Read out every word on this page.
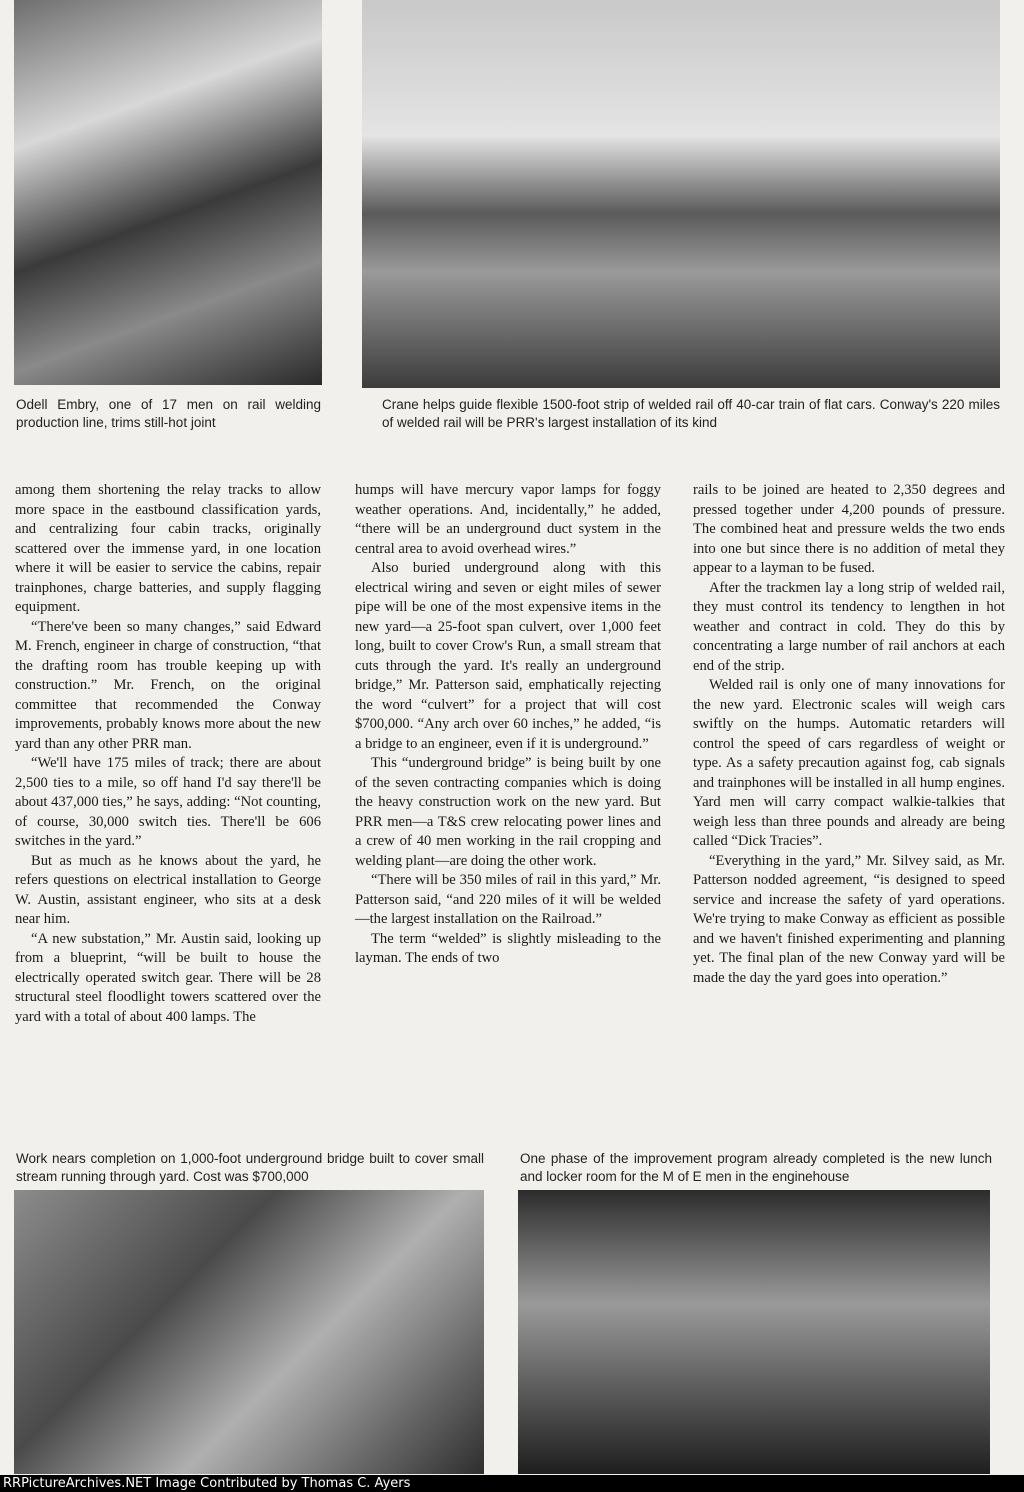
Odell Embry, one of 17 men on rail welding production line, trims still-hot joint
Crane helps guide flexible 1500-foot strip of welded rail off 40-car train of flat cars. Conway's 220 miles of welded rail will be PRR's largest installation of its kind

among them shortening the relay tracks to allow more space in the eastbound classification yards, and centralizing four cabin tracks, originally scattered over the immense yard, in one location where it will be easier to service the cabins, repair trainphones, charge batteries, and supply flagging equipment.

“There've been so many changes,” said Edward M. French, engineer in charge of construction, “that the drafting room has trouble keeping up with construction.” Mr. French, on the original committee that recommended the Conway improvements, probably knows more about the new yard than any other PRR man.

“We'll have 175 miles of track; there are about 2,500 ties to a mile, so off hand I'd say there'll be about 437,000 ties,” he says, adding: “Not counting, of course, 30,000 switch ties. There'll be 606 switches in the yard.”

But as much as he knows about the yard, he refers questions on electrical installation to George W. Austin, assistant engineer, who sits at a desk near him.

“A new substation,” Mr. Austin said, looking up from a blueprint, “will be built to house the electrically operated switch gear. There will be 28 structural steel floodlight towers scattered over the yard with a total of about 400 lamps. The

humps will have mercury vapor lamps for foggy weather operations. And, incidentally,” he added, “there will be an underground duct system in the central area to avoid overhead wires.”

Also buried underground along with this electrical wiring and seven or eight miles of sewer pipe will be one of the most expensive items in the new yard—a 25-foot span culvert, over 1,000 feet long, built to cover Crow's Run, a small stream that cuts through the yard. It's really an underground bridge,” Mr. Patterson said, emphatically rejecting the word “culvert” for a project that will cost $700,000. “Any arch over 60 inches,” he added, “is a bridge to an engineer, even if it is underground.”

This “underground bridge” is being built by one of the seven contracting companies which is doing the heavy construction work on the new yard. But PRR men—a T&S crew relocating power lines and a crew of 40 men working in the rail cropping and welding plant—are doing the other work.

“There will be 350 miles of rail in this yard,” Mr. Patterson said, “and 220 miles of it will be welded—the largest installation on the Railroad.”

The term “welded” is slightly misleading to the layman. The ends of two

rails to be joined are heated to 2,350 degrees and pressed together under 4,200 pounds of pressure. The combined heat and pressure welds the two ends into one but since there is no addition of metal they appear to a layman to be fused.

After the trackmen lay a long strip of welded rail, they must control its tendency to lengthen in hot weather and contract in cold. They do this by concentrating a large number of rail anchors at each end of the strip.

Welded rail is only one of many innovations for the new yard. Electronic scales will weigh cars swiftly on the humps. Automatic retarders will control the speed of cars regardless of weight or type. As a safety precaution against fog, cab signals and trainphones will be installed in all hump engines. Yard men will carry compact walkie-talkies that weigh less than three pounds and already are being called “Dick Tracies”.

“Everything in the yard,” Mr. Silvey said, as Mr. Patterson nodded agreement, “is designed to speed service and increase the safety of yard operations. We're trying to make Conway as efficient as possible and we haven't finished experimenting and planning yet. The final plan of the new Conway yard will be made the day the yard goes into operation.”

Work nears completion on 1,000-foot underground bridge built to cover small stream running through yard. Cost was $700,000
One phase of the improvement program already completed is the new lunch and locker room for the M of E men in the enginehouse
RRPictureArchives.NET Image Contributed by Thomas C. Ayers
